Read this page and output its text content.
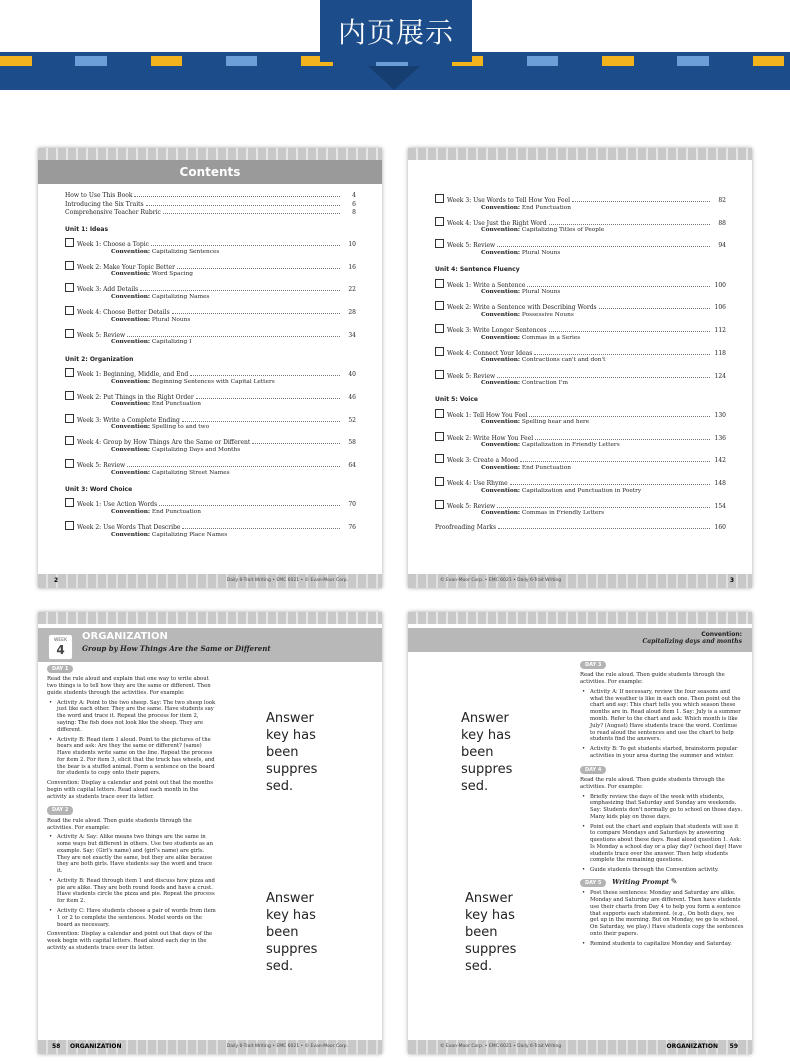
内页展示
Contents
How to Use This Book	4
Introducing the Six Traits	6
Comprehensive Teacher Rubric	8
Unit 1: Ideas
Week 1: Choose a Topic	10
Convention: Capitalizing Sentences
Week 2: Make Your Topic Better	16
Convention: Word Spacing
Week 3: Add Details	22
Convention: Capitalizing Names
Week 4: Choose Better Details	28
Convention: Plural Nouns
Week 5: Review	34
Convention: Capitalizing I
Unit 2: Organization
Week 1: Beginning, Middle, and End	40
Convention: Beginning Sentences with Capital Letters
Week 2: Put Things in the Right Order	46
Convention: End Punctuation
Week 3: Write a Complete Ending	52
Convention: Spelling to and two
Week 4: Group by How Things Are the Same or Different	58
Convention: Capitalizing Days and Months
Week 5: Review	64
Convention: Capitalizing Street Names
Unit 3: Word Choice
Week 1: Use Action Words	70
Convention: End Punctuation
Week 2: Use Words That Describe	76
Convention: Capitalizing Place Names
2	Daily 6-Trait Writing • EMC 6021 • © Evan-Moor Corp.
Week 3: Use Words to Tell How You Feel	82
Convention: End Punctuation
Week 4: Use Just the Right Word	88
Convention: Capitalizing Titles of People
Week 5: Review	94
Convention: Plural Nouns
Unit 4: Sentence Fluency
Week 1: Write a Sentence	100
Convention: Plural Nouns
Week 2: Write a Sentence with Describing Words	106
Convention: Possessive Nouns
Week 3: Write Longer Sentences	112
Convention: Commas in a Series
Week 4: Connect Your Ideas	118
Convention: Contractions can't and don't
Week 5: Review	124
Convention: Contraction I'm
Unit 5: Voice
Week 1: Tell How You Feel	130
Convention: Spelling hear and here
Week 2: Write How You Feel	136
Convention: Capitalization in Friendly Letters
Week 3: Create a Mood	142
Convention: End Punctuation
Week 4: Use Rhyme	148
Convention: Capitalization and Punctuation in Poetry
Week 5: Review	154
Convention: Commas in Friendly Letters
Proofreading Marks	160
© Evan-Moor Corp. • EMC 6021 • Daily 6-Trait Writing	3
WEEK
4
ORGANIZATION
Group by How Things Are the Same or Different
DAY 1

Read the rule aloud and explain that one way to write about two things is to tell how they are the same or different. Then guide students through the activities. For example:

• Activity A: Point to the two sheep. Say: The two sheep look just like each other. They are the same. Have students say the word and trace it. Repeat the process for item 2, saying: The fish does not look like the sheep. They are different.
• Activity B: Read item 1 aloud. Point to the pictures of the bears and ask: Are they the same or different? (same) Have students write same on the line. Repeat the process for item 2. For item 3, elicit that the truck has wheels, and the bear is a stuffed animal. Form a sentence on the board for students to copy onto their papers.

Convention: Display a calendar and point out that the months begin with capital letters. Read aloud each month in the activity as students trace over its letter.

DAY 2

Read the rule aloud. Then guide students through the activities. For example:

• Activity A: Say: Alike means two things are the same in some ways but different in others. Use two students as an example. Say: (Girl's name) and (girl's name) are girls. They are not exactly the same, but they are alike because they are both girls. Have students say the word and trace it.
• Activity B: Read through item 1 and discuss how pizza and pie are alike. They are both round foods and have a crust. Have students circle the pizza and pie. Repeat the process for item 2.
• Activity C: Have students choose a pair of words from item 1 or 2 to complete the sentences. Model words on the board as necessary.

Convention: Display a calendar and point out that days of the week begin with capital letters. Read aloud each day in the activity as students trace over its letter.

Answer key has been suppres sed.
Answer key has been suppres sed.
58 ORGANIZATION	Daily 6-Trait Writing • EMC 6021 • © Evan-Moor Corp.
Convention:
Capitalizing days and months
DAY 3

Read the rule aloud. Then guide students through the activities. For example:

• Activity A: If necessary, review the four seasons and what the weather is like in each one. Then point out the chart and say: This chart tells you which season these months are in. Read aloud item 1. Say: July is a summer month. Refer to the chart and ask: Which month is like July? (August) Have students trace the word. Continue to read aloud the sentences and use the chart to help students find the answers.
• Activity B: To get students started, brainstorm popular activities in your area during the summer and winter.
DAY 4

Read the rule aloud. Then guide students through the activities. For example:

• Briefly review the days of the week with students, emphasizing that Saturday and Sunday are weekends. Say: Students don't normally go to school on those days. Many kids play on those days.
• Point out the chart and explain that students will use it to compare Mondays and Saturdays by answering questions about these days. Read aloud question 1. Ask: Is Monday a school day or a play day? (school day) Have students trace over the answer. Then help students complete the remaining questions.
• Guide students through the Convention activity.
DAY 5 Writing Prompt ✎
• Post these sentences: Monday and Saturday are alike. Monday and Saturday are different. Then have students use their charts from Day 4 to help you form a sentence that supports each statement. (e.g., On both days, we get up in the morning. But on Monday, we go to school. On Saturday, we play.) Have students copy the sentences onto their papers.
• Remind students to capitalize Monday and Saturday.
Answer key has been suppres sed.
Answer key has been suppres sed.
© Evan-Moor Corp. • EMC 6021 • Daily 6-Trait Writing	ORGANIZATION 59
